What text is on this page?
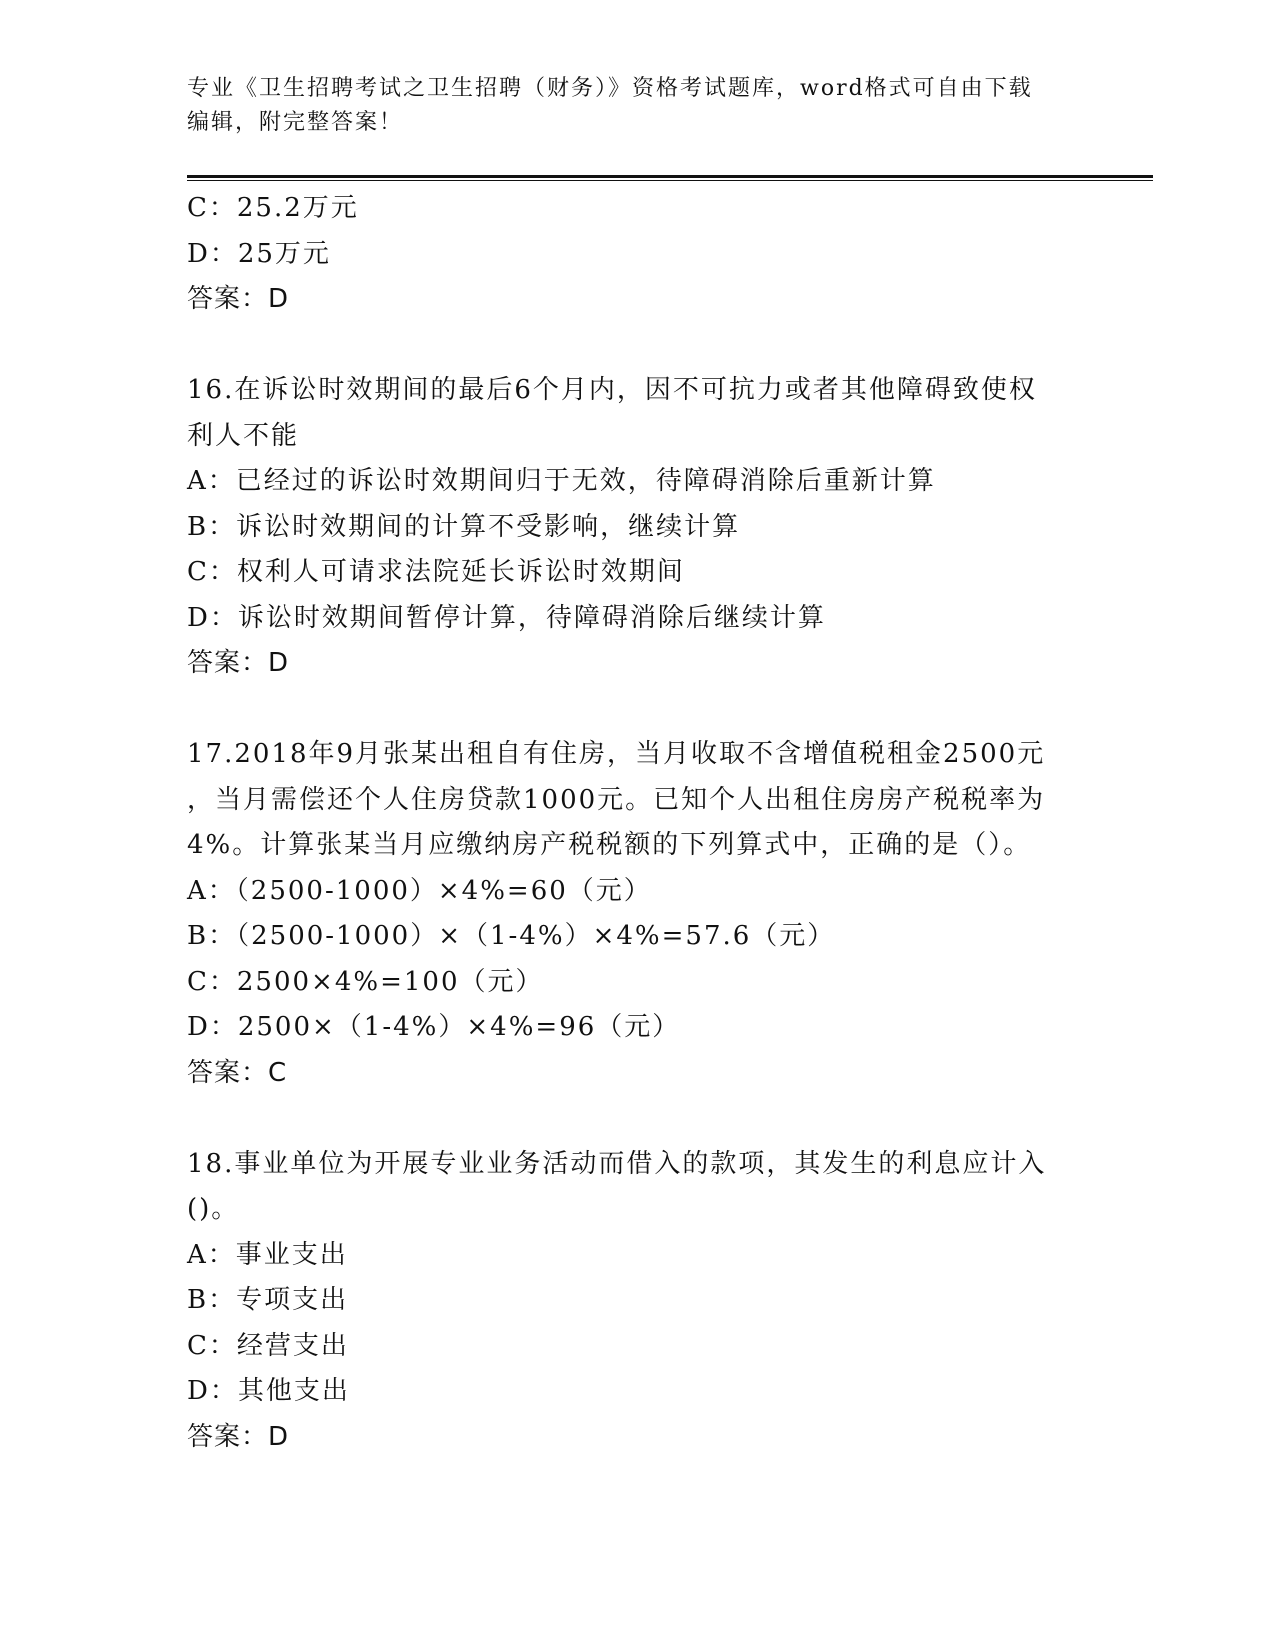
专业《卫生招聘考试之卫生招聘（财务）》资格考试题库，word格式可自由下载
编辑，附完整答案！
C：25.2万元
D：25万元
答案：D
16.在诉讼时效期间的最后6个月内，因不可抗力或者其他障碍致使权
利人不能
A：已经过的诉讼时效期间归于无效，待障碍消除后重新计算
B：诉讼时效期间的计算不受影响，继续计算
C：权利人可请求法院延长诉讼时效期间
D：诉讼时效期间暂停计算，待障碍消除后继续计算
答案：D
17.2018年9月张某出租自有住房，当月收取不含增值税租金2500元
，当月需偿还个人住房贷款1000元。已知个人出租住房房产税税率为
4%。计算张某当月应缴纳房产税税额的下列算式中，正确的是（）。
A：（2500-1000）×4%=60（元）
B：（2500-1000）×（1-4%）×4%=57.6（元）
C：2500×4%=100（元）
D：2500×（1-4%）×4%=96（元）
答案：C
18.事业单位为开展专业业务活动而借入的款项，其发生的利息应计入
()。
A：事业支出
B：专项支出
C：经营支出
D：其他支出
答案：D
